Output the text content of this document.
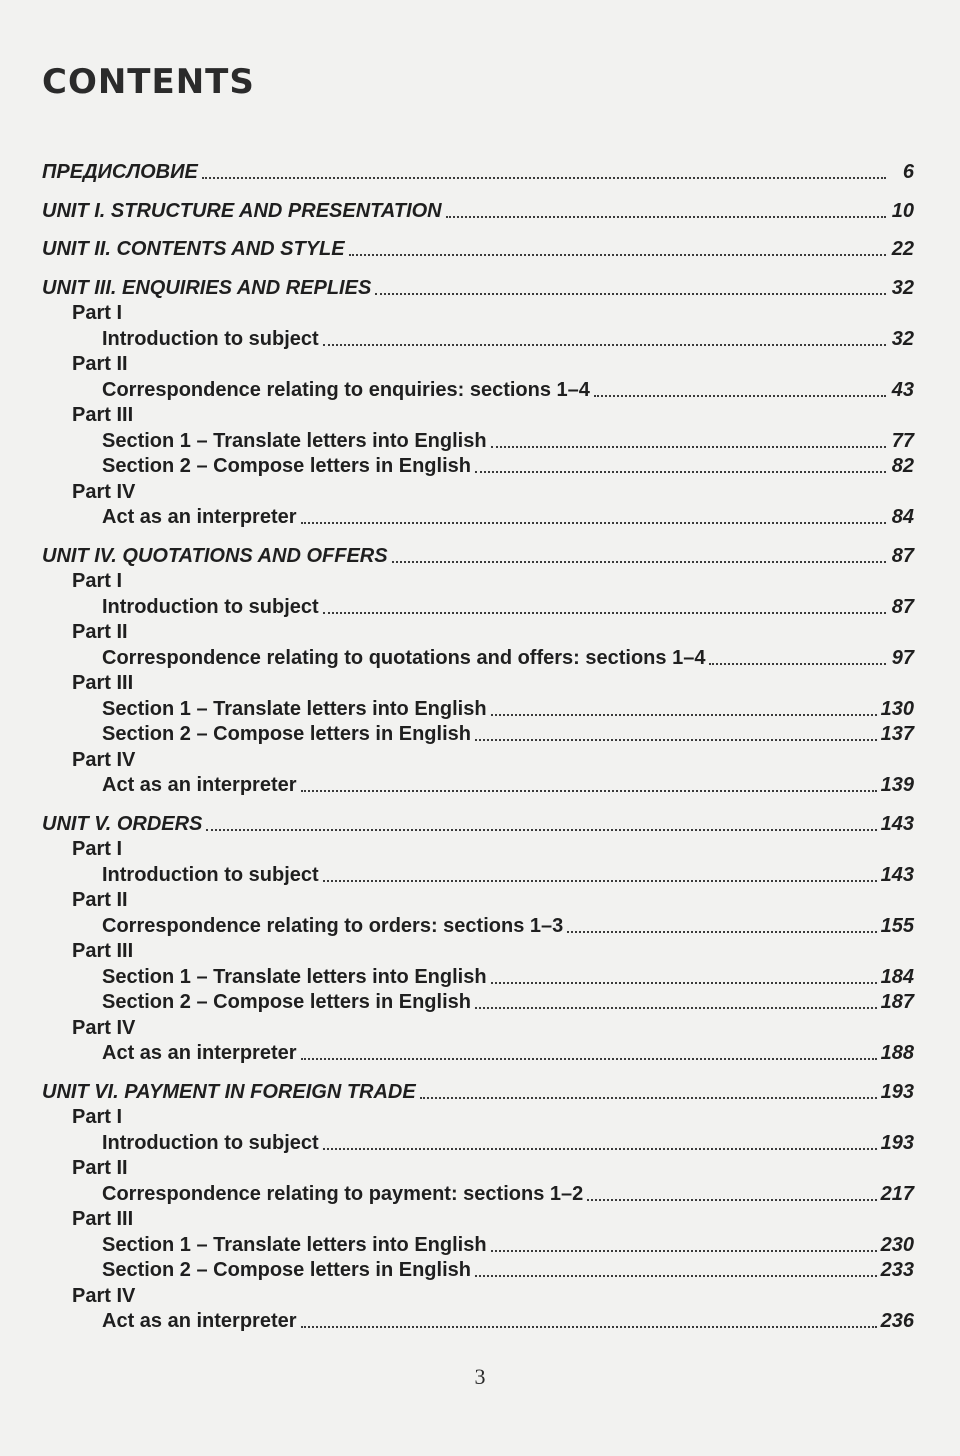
CONTENTS
ПРЕДИСЛОВИЕ	6
UNIT I. STRUCTURE AND PRESENTATION	10
UNIT II. CONTENTS AND STYLE	22
UNIT III. ENQUIRIES AND REPLIES	32
Part I
Introduction to subject	32
Part II
Correspondence relating to enquiries: sections 1–4	43
Part III
Section 1 – Translate letters into English	77
Section 2 – Compose letters in English	82
Part IV
Act as an interpreter	84
UNIT IV. QUOTATIONS AND OFFERS	87
Part I
Introduction to subject	87
Part II
Correspondence relating to quotations and offers: sections 1–4	97
Part III
Section 1 – Translate letters into English	130
Section 2 – Compose letters in English	137
Part IV
Act as an interpreter	139
UNIT V. ORDERS	143
Part I
Introduction to subject	143
Part II
Correspondence relating to orders: sections 1–3	155
Part III
Section 1 – Translate letters into English	184
Section 2 – Compose letters in English	187
Part IV
Act as an interpreter	188
UNIT VI. PAYMENT IN FOREIGN TRADE	193
Part I
Introduction to subject	193
Part II
Correspondence relating to payment: sections 1–2	217
Part III
Section 1 – Translate letters into English	230
Section 2 – Compose letters in English	233
Part IV
Act as an interpreter	236
3
